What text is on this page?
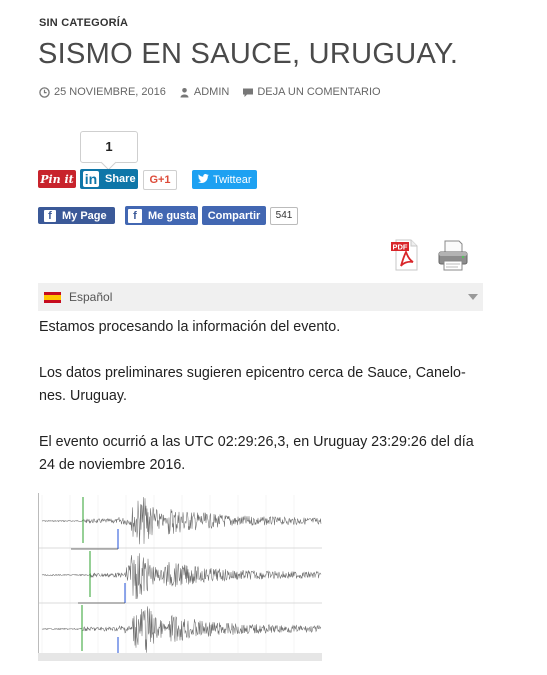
SIN CATEGORÍA
SISMO EN SAUCE, URUGUAY.
25 NOVIEMBRE, 2016	ADMIN	DEJA UN COMENTARIO
1
Pin it in Share	G+1	Twittear
f My Page	f	Me gusta	Compartir	541
PDF
Español

Estamos procesando la información del evento.

Los datos preliminares sugieren epicentro cerca de Sauce, Canelo-
nes. Uruguay.

El evento ocurrió a las UTC 02:29:26,3, en Uruguay 23:29:26 del día
24 de noviembre 2016.
